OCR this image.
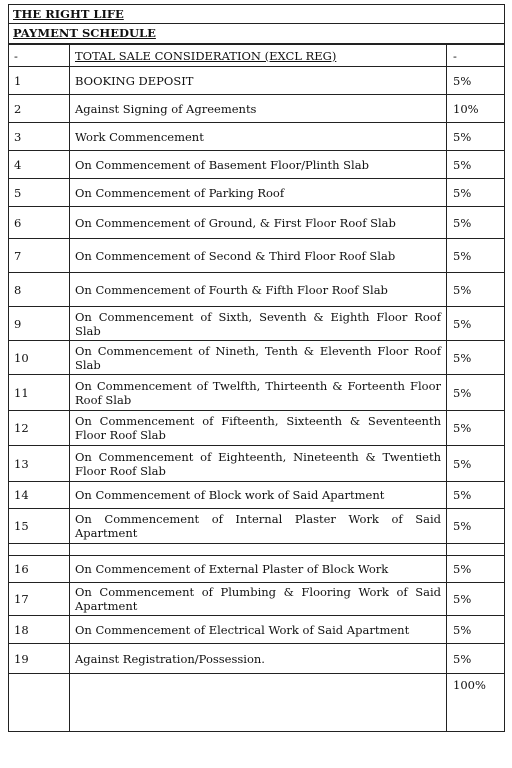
THE RIGHT LIFE
PAYMENT SCHEDULE
-	TOTAL SALE CONSIDERATION (EXCL REG)	-
1	BOOKING DEPOSIT	5%
2	Against Signing of Agreements	10%
3	Work Commencement	5%
4	On Commencement of Basement Floor/Plinth Slab	5%
5	On Commencement of Parking Roof	5%
6	On Commencement of Ground, & First Floor Roof Slab	5%
7	On Commencement of Second & Third Floor Roof Slab	5%
8	On Commencement of Fourth & Fifth Floor Roof Slab	5%
9	On Commencement of Sixth, Seventh & Eighth Floor Roof Slab	5%
10	On Commencement of Nineth, Tenth & Eleventh Floor Roof Slab	5%
11	On Commencement of Twelfth, Thirteenth & Forteenth Floor Roof Slab	5%
12	On Commencement of Fifteenth, Sixteenth & Seventeenth Floor Roof Slab	5%
13	On Commencement of Eighteenth, Nineteenth & Twentieth Floor Roof Slab	5%
14	On Commencement of Block work of Said Apartment	5%
15	On Commencement of Internal Plaster Work of Said Apartment	5%

16	On Commencement of External Plaster of Block Work	5%
17	On Commencement of Plumbing & Flooring Work of Said Apartment	5%
18	On Commencement of Electrical Work of Said Apartment	5%
19	Against Registration/Possession.	5%
		100%
